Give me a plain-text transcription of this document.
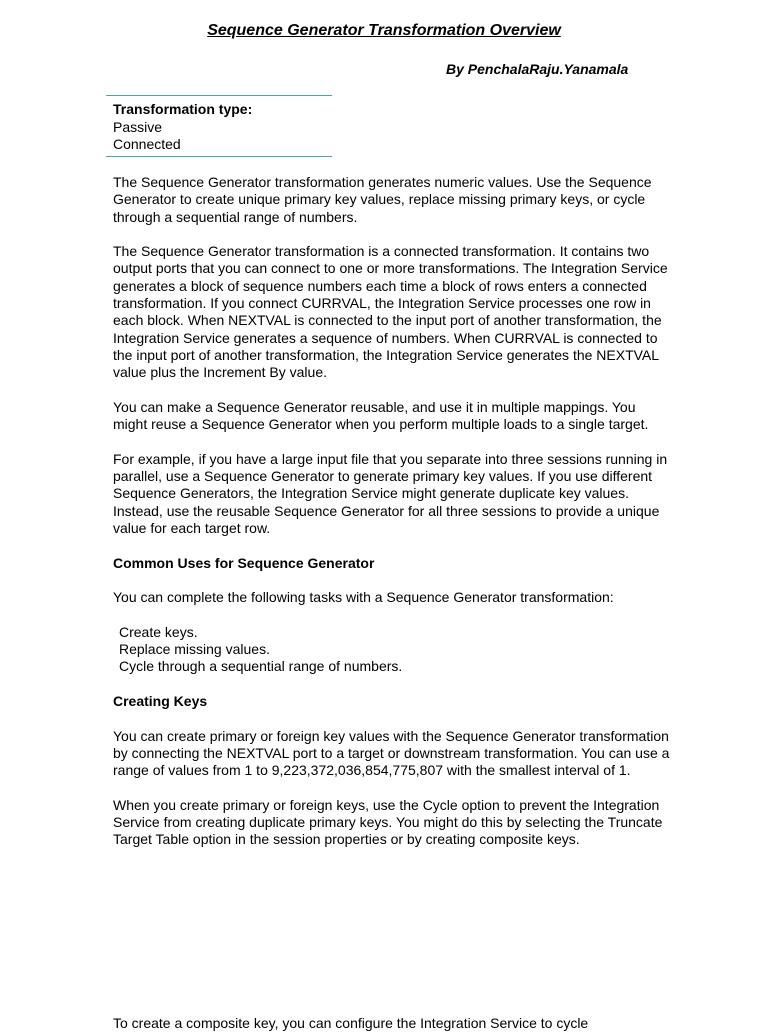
Sequence Generator Transformation Overview
By PenchalaRaju.Yanamala
Transformation type:
Passive
Connected

The Sequence Generator transformation generates numeric values. Use the Sequence Generator to create unique primary key values, replace missing primary keys, or cycle through a sequential range of numbers.

The Sequence Generator transformation is a connected transformation. It contains two output ports that you can connect to one or more transformations. The Integration Service generates a block of sequence numbers each time a block of rows enters a connected transformation. If you connect CURRVAL, the Integration Service processes one row in each block. When NEXTVAL is connected to the input port of another transformation, the Integration Service generates a sequence of numbers. When CURRVAL is connected to the input port of another transformation, the Integration Service generates the NEXTVAL value plus the Increment By value.

You can make a Sequence Generator reusable, and use it in multiple mappings. You might reuse a Sequence Generator when you perform multiple loads to a single target.

For example, if you have a large input file that you separate into three sessions running in parallel, use a Sequence Generator to generate primary key values. If you use different Sequence Generators, the Integration Service might generate duplicate key values. Instead, use the reusable Sequence Generator for all three sessions to provide a unique value for each target row.

Common Uses for Sequence Generator

You can complete the following tasks with a Sequence Generator transformation:

Create keys.
Replace missing values.
Cycle through a sequential range of numbers.
Creating Keys

You can create primary or foreign key values with the Sequence Generator transformation by connecting the NEXTVAL port to a target or downstream transformation. You can use a range of values from 1 to 9,223,372,036,854,775,807 with the smallest interval of 1.

When you create primary or foreign keys, use the Cycle option to prevent the Integration Service from creating duplicate primary keys. You might do this by selecting the Truncate Target Table option in the session properties or by creating composite keys.

To create a composite key, you can configure the Integration Service to cycle
